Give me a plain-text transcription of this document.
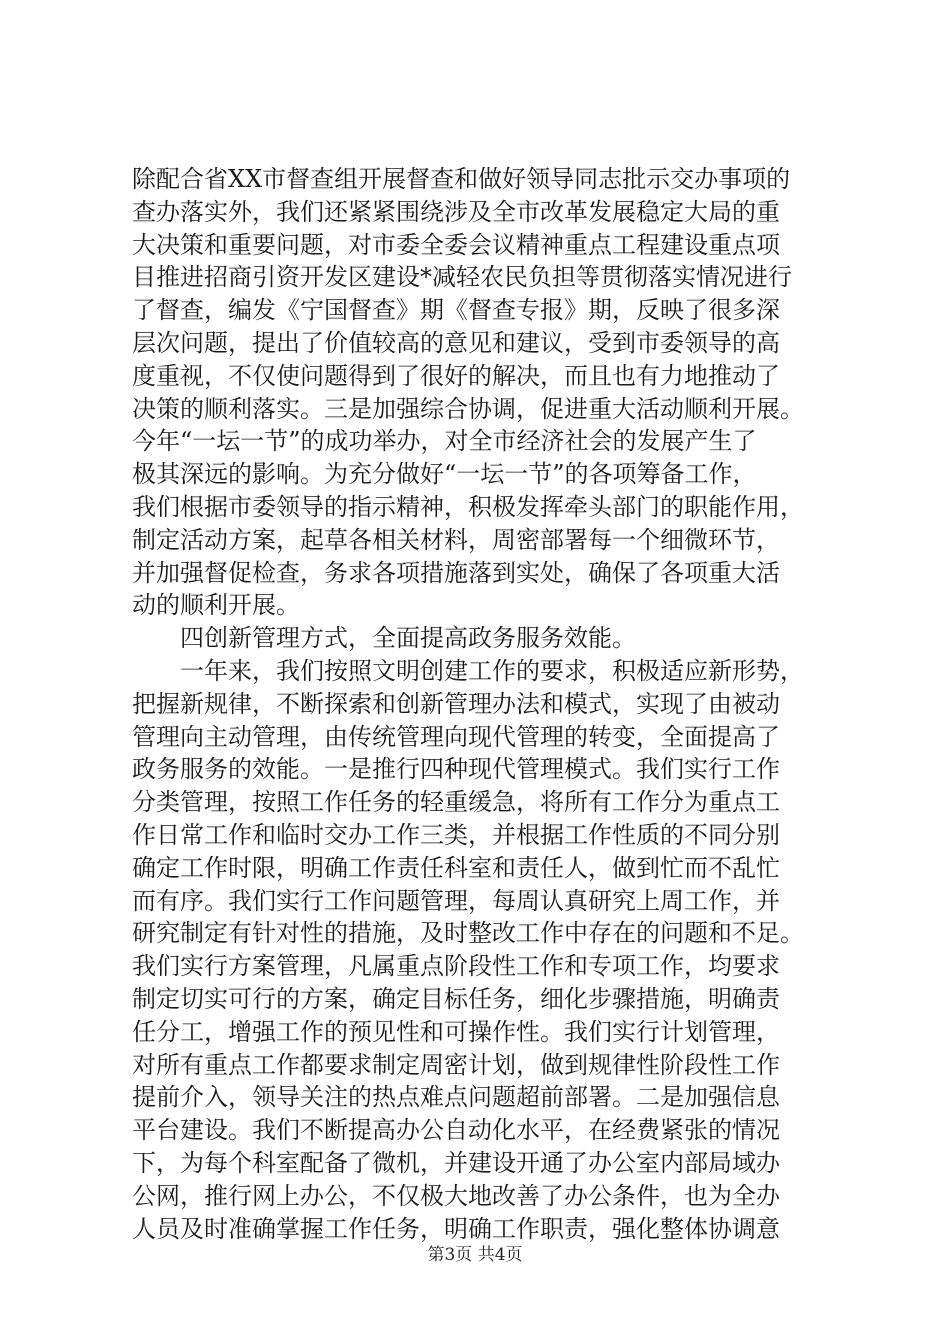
除配合省XX市督查组开展督查和做好领导同志批示交办事项的
查办落实外，我们还紧紧围绕涉及全市改革发展稳定大局的重
大决策和重要问题，对市委全委会议精神重点工程建设重点项
目推进招商引资开发区建设*减轻农民负担等贯彻落实情况进行
了督查，编发《宁国督查》期《督查专报》期，反映了很多深
层次问题，提出了价值较高的意见和建议，受到市委领导的高
度重视，不仅使问题得到了很好的解决，而且也有力地推动了
决策的顺利落实。三是加强综合协调，促进重大活动顺利开展。
今年“一坛一节”的成功举办，对全市经济社会的发展产生了
极其深远的影响。为充分做好“一坛一节”的各项筹备工作，
我们根据市委领导的指示精神，积极发挥牵头部门的职能作用，
制定活动方案，起草各相关材料，周密部署每一个细微环节，
并加强督促检查，务求各项措施落到实处，确保了各项重大活
动的顺利开展。
　　四创新管理方式，全面提高政务服务效能。
　　一年来，我们按照文明创建工作的要求，积极适应新形势，
把握新规律，不断探索和创新管理办法和模式，实现了由被动
管理向主动管理，由传统管理向现代管理的转变，全面提高了
政务服务的效能。一是推行四种现代管理模式。我们实行工作
分类管理，按照工作任务的轻重缓急，将所有工作分为重点工
作日常工作和临时交办工作三类，并根据工作性质的不同分别
确定工作时限，明确工作责任科室和责任人，做到忙而不乱忙
而有序。我们实行工作问题管理，每周认真研究上周工作，并
研究制定有针对性的措施，及时整改工作中存在的问题和不足。
我们实行方案管理，凡属重点阶段性工作和专项工作，均要求
制定切实可行的方案，确定目标任务，细化步骤措施，明确责
任分工，增强工作的预见性和可操作性。我们实行计划管理，
对所有重点工作都要求制定周密计划，做到规律性阶段性工作
提前介入，领导关注的热点难点问题超前部署。二是加强信息
平台建设。我们不断提高办公自动化水平，在经费紧张的情况
下，为每个科室配备了微机，并建设开通了办公室内部局域办
公网，推行网上办公，不仅极大地改善了办公条件，也为全办
人员及时准确掌握工作任务，明确工作职责，强化整体协调意
第3页 共4页
